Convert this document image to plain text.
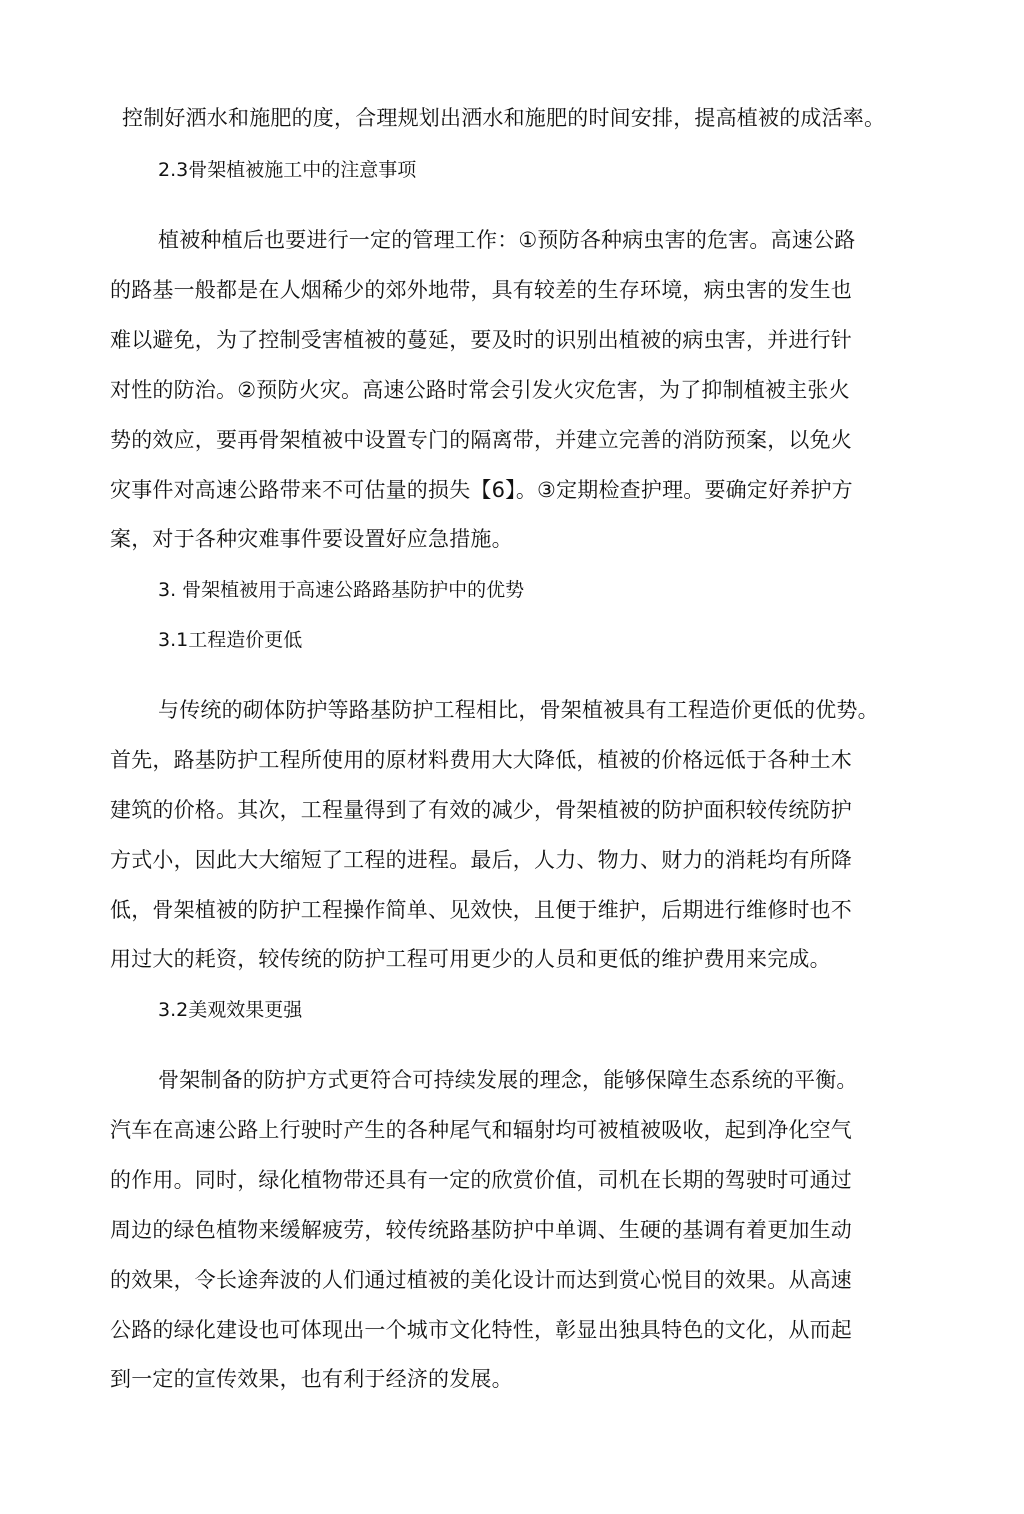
控制好洒水和施肥的度，合理规划出洒水和施肥的时间安排，提高植被的成活率。
2.3骨架植被施工中的注意事项
植被种植后也要进行一定的管理工作：①预防各种病虫害的危害。高速公路
的路基一般都是在人烟稀少的郊外地带，具有较差的生存环境，病虫害的发生也
难以避免，为了控制受害植被的蔓延，要及时的识别出植被的病虫害，并进行针
对性的防治。②预防火灾。高速公路时常会引发火灾危害，为了抑制植被主张火
势的效应，要再骨架植被中设置专门的隔离带，并建立完善的消防预案，以免火
灾事件对高速公路带来不可估量的损失【6】。③定期检查护理。要确定好养护方
案，对于各种灾难事件要设置好应急措施。
3. 骨架植被用于高速公路路基防护中的优势
3.1工程造价更低
与传统的砌体防护等路基防护工程相比，骨架植被具有工程造价更低的优势。
首先，路基防护工程所使用的原材料费用大大降低，植被的价格远低于各种土木
建筑的价格。其次，工程量得到了有效的减少，骨架植被的防护面积较传统防护
方式小，因此大大缩短了工程的进程。最后，人力、物力、财力的消耗均有所降
低，骨架植被的防护工程操作简单、见效快，且便于维护，后期进行维修时也不
用过大的耗资，较传统的防护工程可用更少的人员和更低的维护费用来完成。
3.2美观效果更强
骨架制备的防护方式更符合可持续发展的理念，能够保障生态系统的平衡。
汽车在高速公路上行驶时产生的各种尾气和辐射均可被植被吸收，起到净化空气
的作用。同时，绿化植物带还具有一定的欣赏价值，司机在长期的驾驶时可通过
周边的绿色植物来缓解疲劳，较传统路基防护中单调、生硬的基调有着更加生动
的效果，令长途奔波的人们通过植被的美化设计而达到赏心悦目的效果。从高速
公路的绿化建设也可体现出一个城市文化特性，彰显出独具特色的文化，从而起
到一定的宣传效果，也有利于经济的发展。
